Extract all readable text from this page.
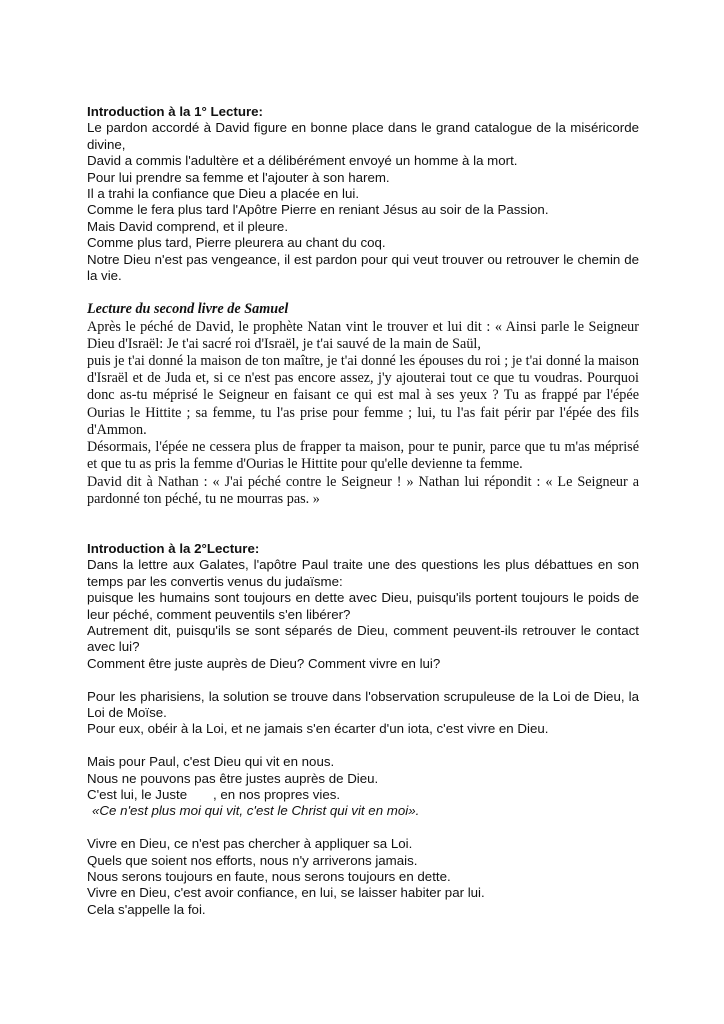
Introduction à la 1° Lecture:

Le pardon accordé à David figure en bonne place dans le grand catalogue de la miséricorde divine,

David a commis l'adultère et a délibérément envoyé un homme à la mort.

Pour lui prendre sa femme et l'ajouter à son harem.

Il a trahi la confiance que Dieu a placée en lui.

Comme le fera plus tard l'Apôtre Pierre en reniant Jésus au soir de la Passion.

Mais David comprend, et il pleure.

Comme plus tard, Pierre pleurera au chant du coq.

Notre Dieu n'est pas vengeance, il est pardon pour qui veut trouver ou retrouver le chemin de la vie.

Lecture du second livre de Samuel

Après le péché de David, le prophète Natan vint le trouver et lui dit : « Ainsi parle le Seigneur Dieu d'Israël: Je t'ai sacré roi d'Israël, je t'ai sauvé de la main de Saül,

puis je t'ai donné la maison de ton maître, je t'ai donné les épouses du roi ; je t'ai donné la maison d'Israël et de Juda et, si ce n'est pas encore assez, j'y ajouterai tout ce que tu voudras. Pourquoi donc as-tu méprisé le Seigneur en faisant ce qui est mal à ses yeux ? Tu as frappé par l'épée Ourias le Hittite ; sa femme, tu l'as prise pour femme ; lui, tu l'as fait périr par l'épée des fils d'Ammon.

Désormais, l'épée ne cessera plus de frapper ta maison, pour te punir, parce que tu m'as méprisé et que tu as pris la femme d'Ourias le Hittite pour qu'elle devienne ta femme.

David dit à Nathan : « J'ai péché contre le Seigneur ! » Nathan lui répondit : « Le Seigneur a pardonné ton péché, tu ne mourras pas. »

Introduction à la 2°Lecture:

Dans la lettre aux Galates, l'apôtre Paul traite une des questions les plus débattues en son temps par les convertis venus du judaïsme:

puisque les humains sont toujours en dette avec Dieu, puisqu'ils portent toujours le poids de leur péché, comment peuventils s'en libérer?

Autrement dit, puisqu'ils se sont séparés de Dieu, comment peuvent-ils retrouver le contact avec lui?

Comment être juste auprès de Dieu? Comment vivre en lui?

Pour les pharisiens, la solution se trouve dans l'observation scrupuleuse de la Loi de Dieu, la Loi de Moïse.

Pour eux, obéir à la Loi, et ne jamais s'en écarter d'un iota, c'est vivre en Dieu.

Mais pour Paul, c'est Dieu qui vit en nous.

Nous ne pouvons pas être justes auprès de Dieu.

C'est lui, le Juste       , en nos propres vies.

«Ce n'est plus moi qui vit, c'est le Christ qui vit en moi».

Vivre en Dieu, ce n'est pas chercher à appliquer sa Loi.

Quels que soient nos efforts, nous n'y arriverons jamais.

Nous serons toujours en faute, nous serons toujours en dette.

Vivre en Dieu, c'est avoir confiance, en lui, se laisser habiter par lui.

Cela s'appelle la foi.
